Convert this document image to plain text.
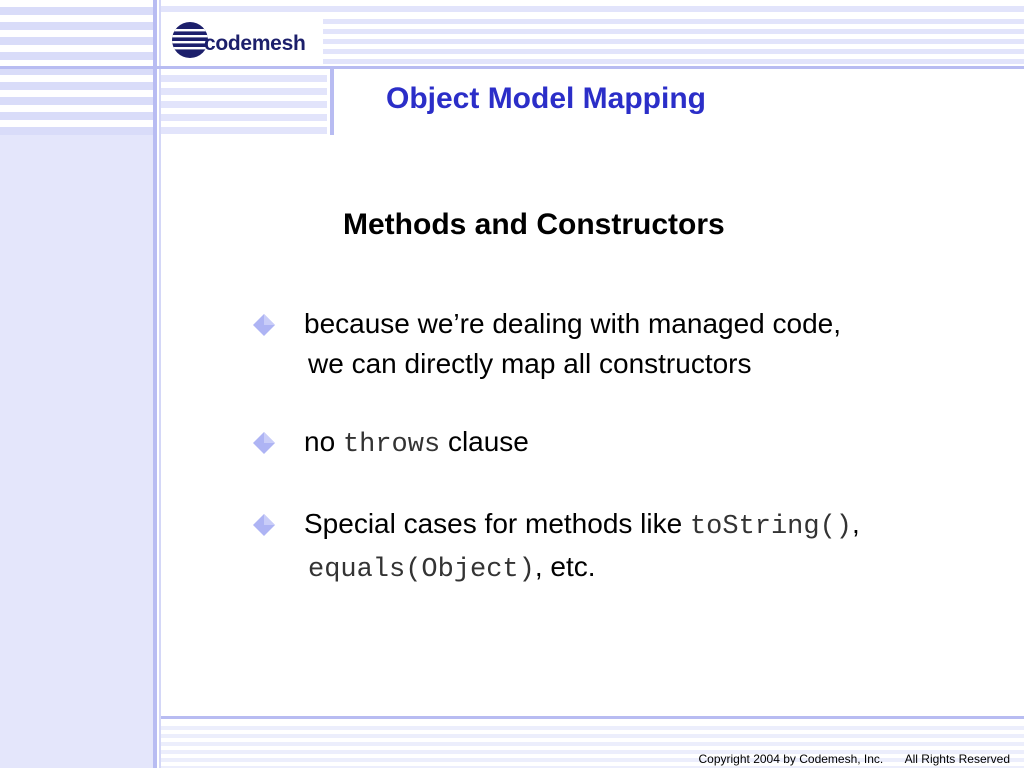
codemesh
Object Model Mapping
Methods and Constructors
because we’re dealing with managed code,
we can directly map all constructors
no throws clause
Special cases for methods like toString(),
equals(Object), etc.
Copyright 2004 by Codemesh, Inc. All Rights Reserved
